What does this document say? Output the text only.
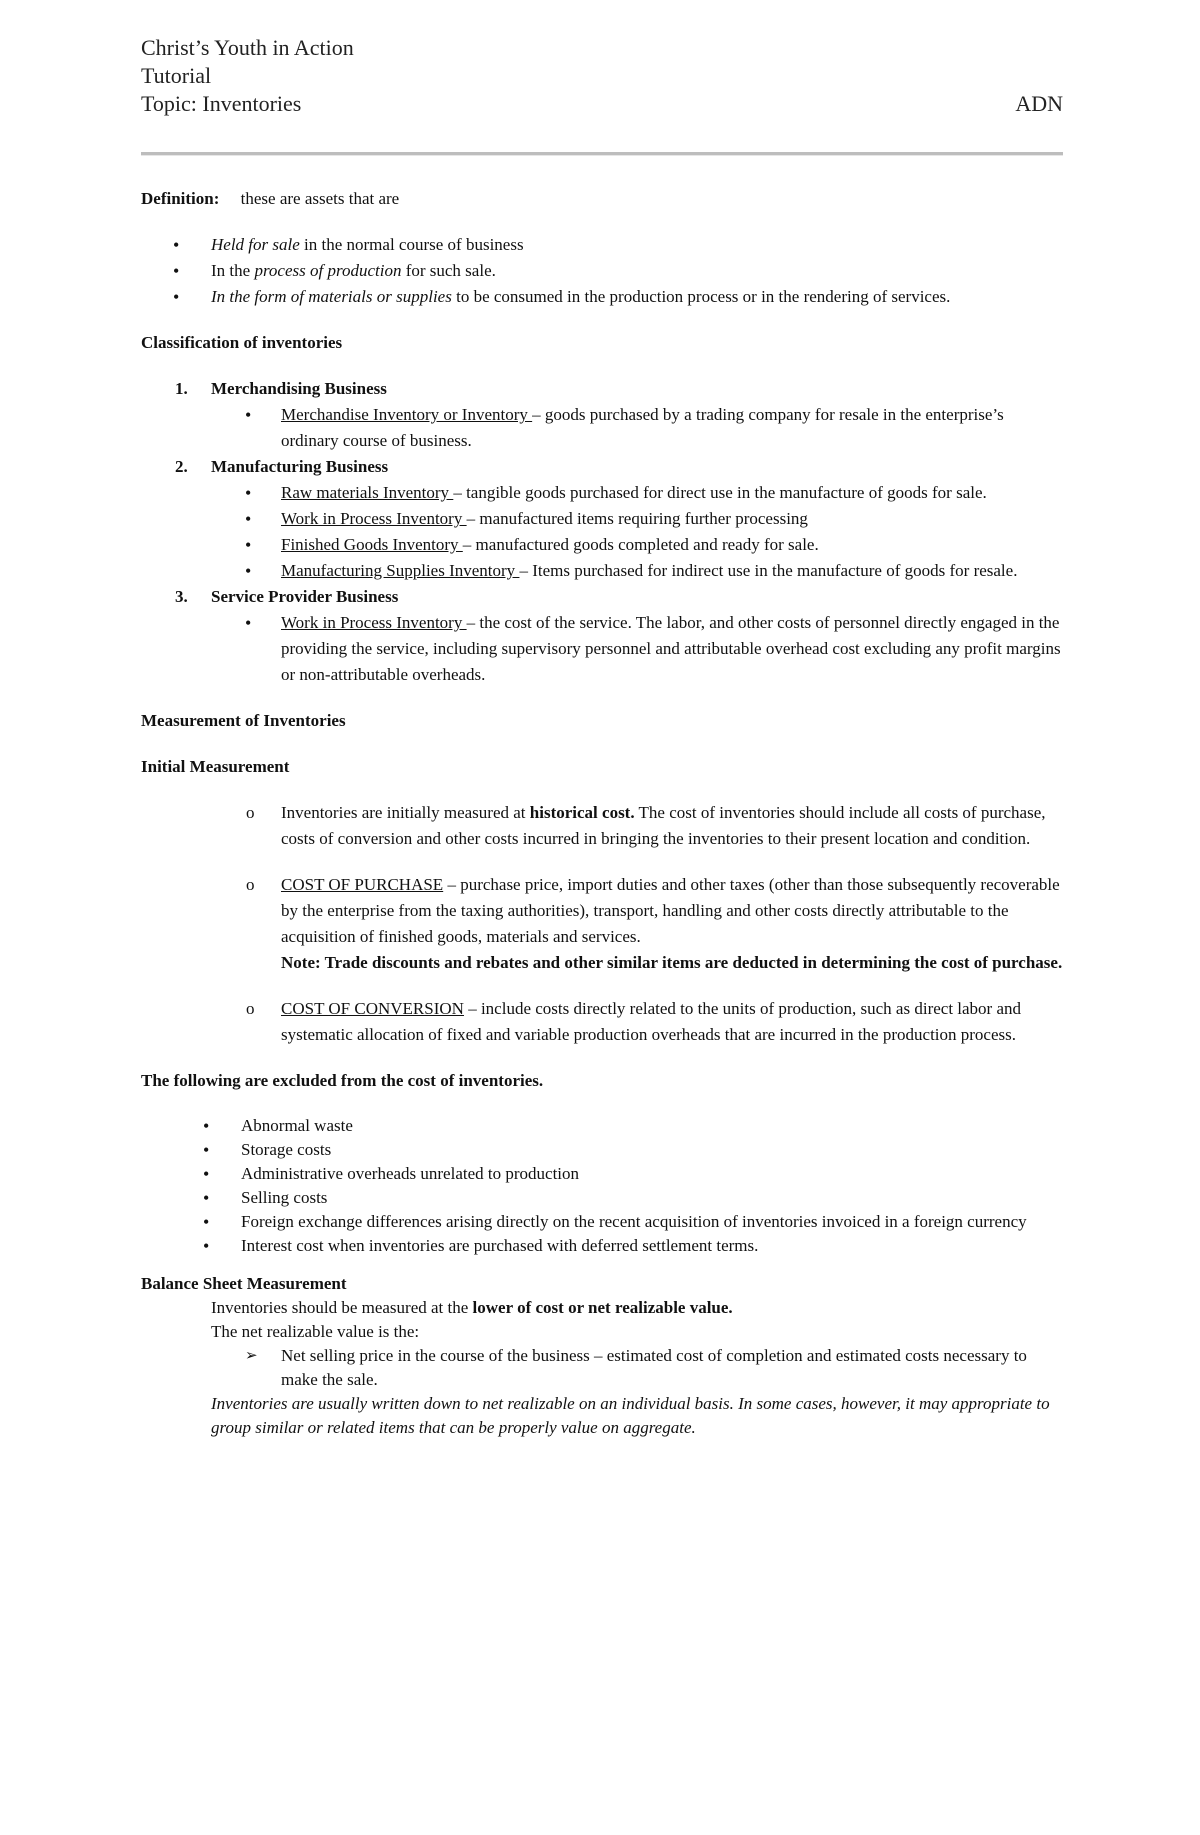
Christ’s Youth in Action
Tutorial
Topic: Inventories	ADN

Definition: these are assets that are

• Held for sale in the normal course of business
• In the process of production for such sale.
• In the form of materials or supplies to be consumed in the production process or in the rendering of services.

Classification of inventories

1. Merchandising Business
• Merchandise Inventory or Inventory – goods purchased by a trading company for resale in the enterprise’s ordinary course of business.
2. Manufacturing Business
• Raw materials Inventory – tangible goods purchased for direct use in the manufacture of goods for sale.
• Work in Process Inventory – manufactured items requiring further processing
• Finished Goods Inventory – manufactured goods completed and ready for sale.
• Manufacturing Supplies Inventory – Items purchased for indirect use in the manufacture of goods for resale.
3. Service Provider Business
• Work in Process Inventory – the cost of the service. The labor, and other costs of personnel directly engaged in the providing the service, including supervisory personnel and attributable overhead cost excluding any profit margins or non-attributable overheads.

Measurement of Inventories

Initial Measurement

o Inventories are initially measured at historical cost. The cost of inventories should include all costs of purchase, costs of conversion and other costs incurred in bringing the inventories to their present location and condition.
o COST OF PURCHASE – purchase price, import duties and other taxes (other than those subsequently recoverable by the enterprise from the taxing authorities), transport, handling and other costs directly attributable to the acquisition of finished goods, materials and services.
Note: Trade discounts and rebates and other similar items are deducted in determining the cost of purchase.
o COST OF CONVERSION – include costs directly related to the units of production, such as direct labor and systematic allocation of fixed and variable production overheads that are incurred in the production process.

The following are excluded from the cost of inventories.

• Abnormal waste
• Storage costs
• Administrative overheads unrelated to production
• Selling costs
• Foreign exchange differences arising directly on the recent acquisition of inventories invoiced in a foreign currency
• Interest cost when inventories are purchased with deferred settlement terms.

Balance Sheet Measurement

Inventories should be measured at the lower of cost or net realizable value.
The net realizable value is the:
➢ Net selling price in the course of the business – estimated cost of completion and estimated costs necessary to make the sale.
Inventories are usually written down to net realizable on an individual basis. In some cases, however, it may appropriate to group similar or related items that can be properly value on aggregate.
